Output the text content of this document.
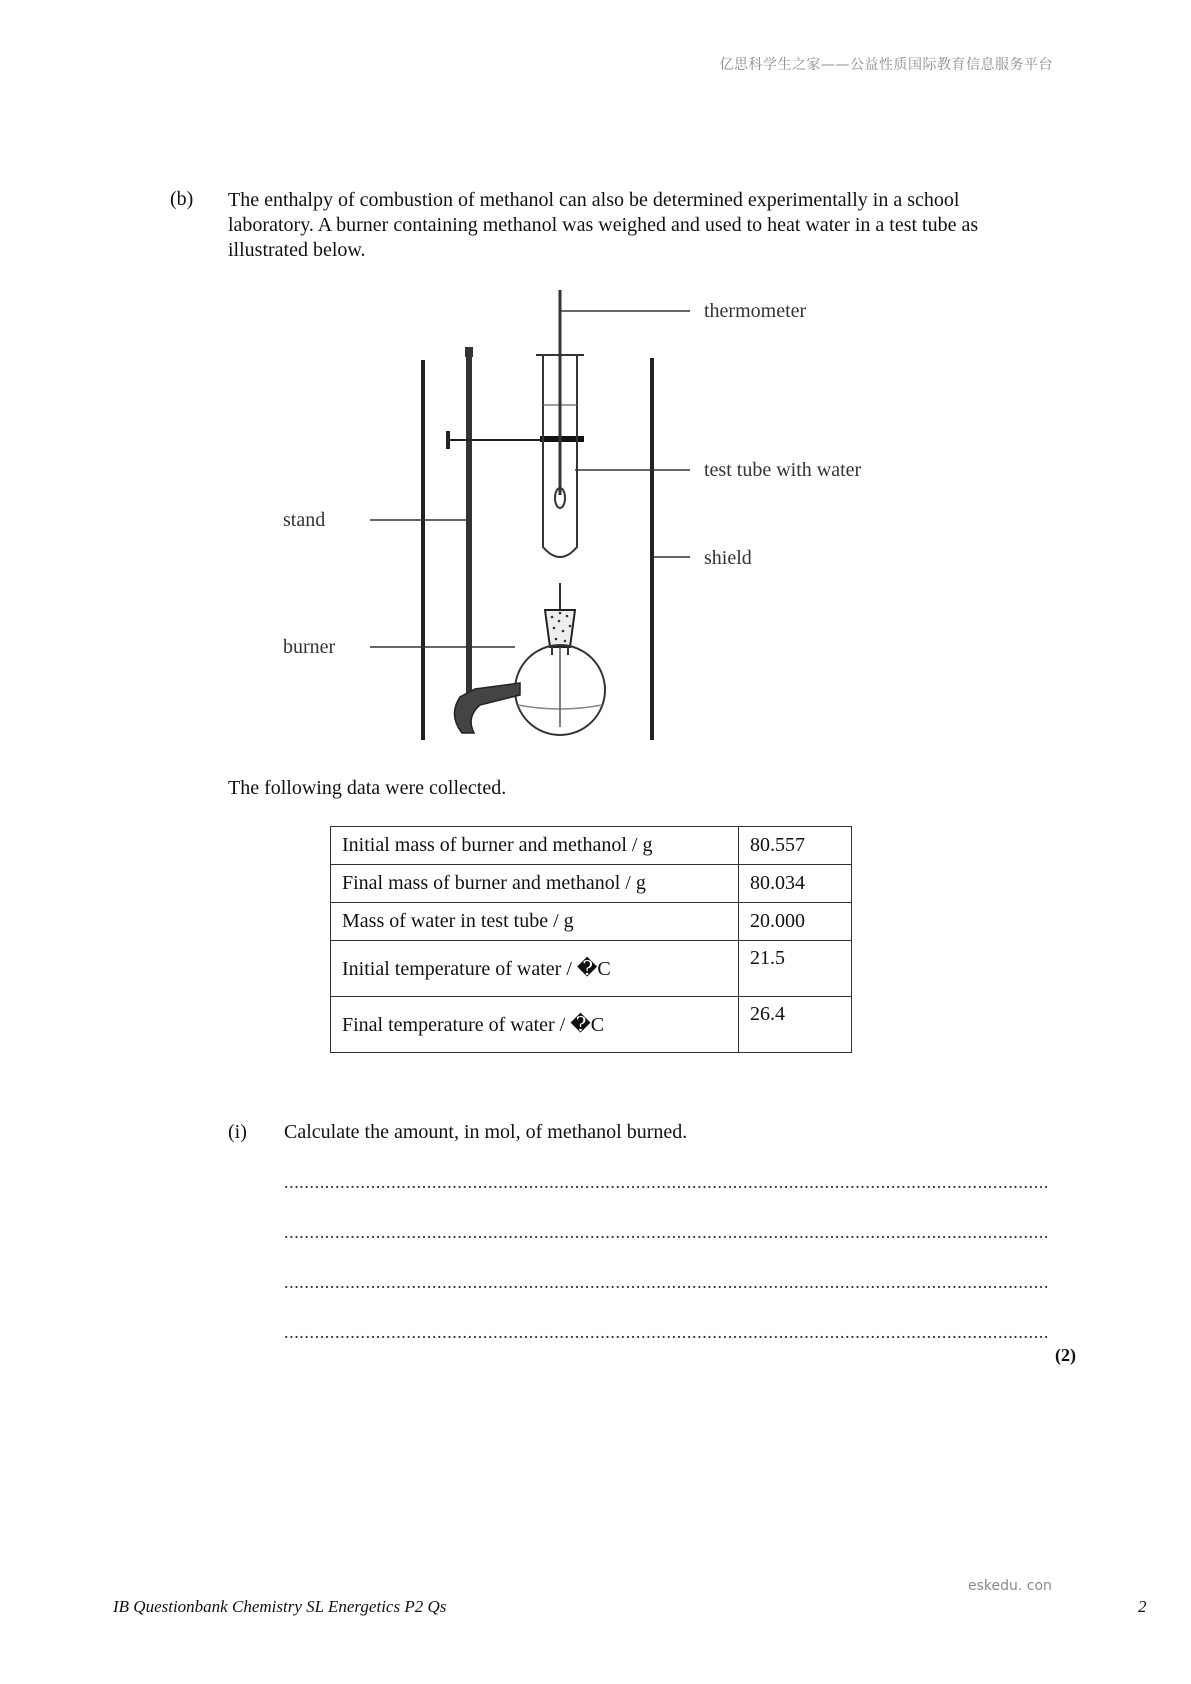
亿思科学生之家——公益性质国际教育信息服务平台
(b) The enthalpy of combustion of methanol can also be determined experimentally in a school laboratory. A burner containing methanol was weighed and used to heat water in a test tube as illustrated below.
thermometer
test tube with water
shield
stand
burner
The following data were collected.
Initial mass of burner and methanol / g	80.557
Final mass of burner and methanol / g	80.034
Mass of water in test tube / g	20.000
Initial temperature of water / �C	21.5
Final temperature of water / �C	26.4
(i) Calculate the amount, in mol, of methanol burned.
......................................................................................................................................................
......................................................................................................................................................
......................................................................................................................................................
......................................................................................................................................................
(2)
eskedu. con
IB Questionbank Chemistry SL Energetics P2 Qs	2
